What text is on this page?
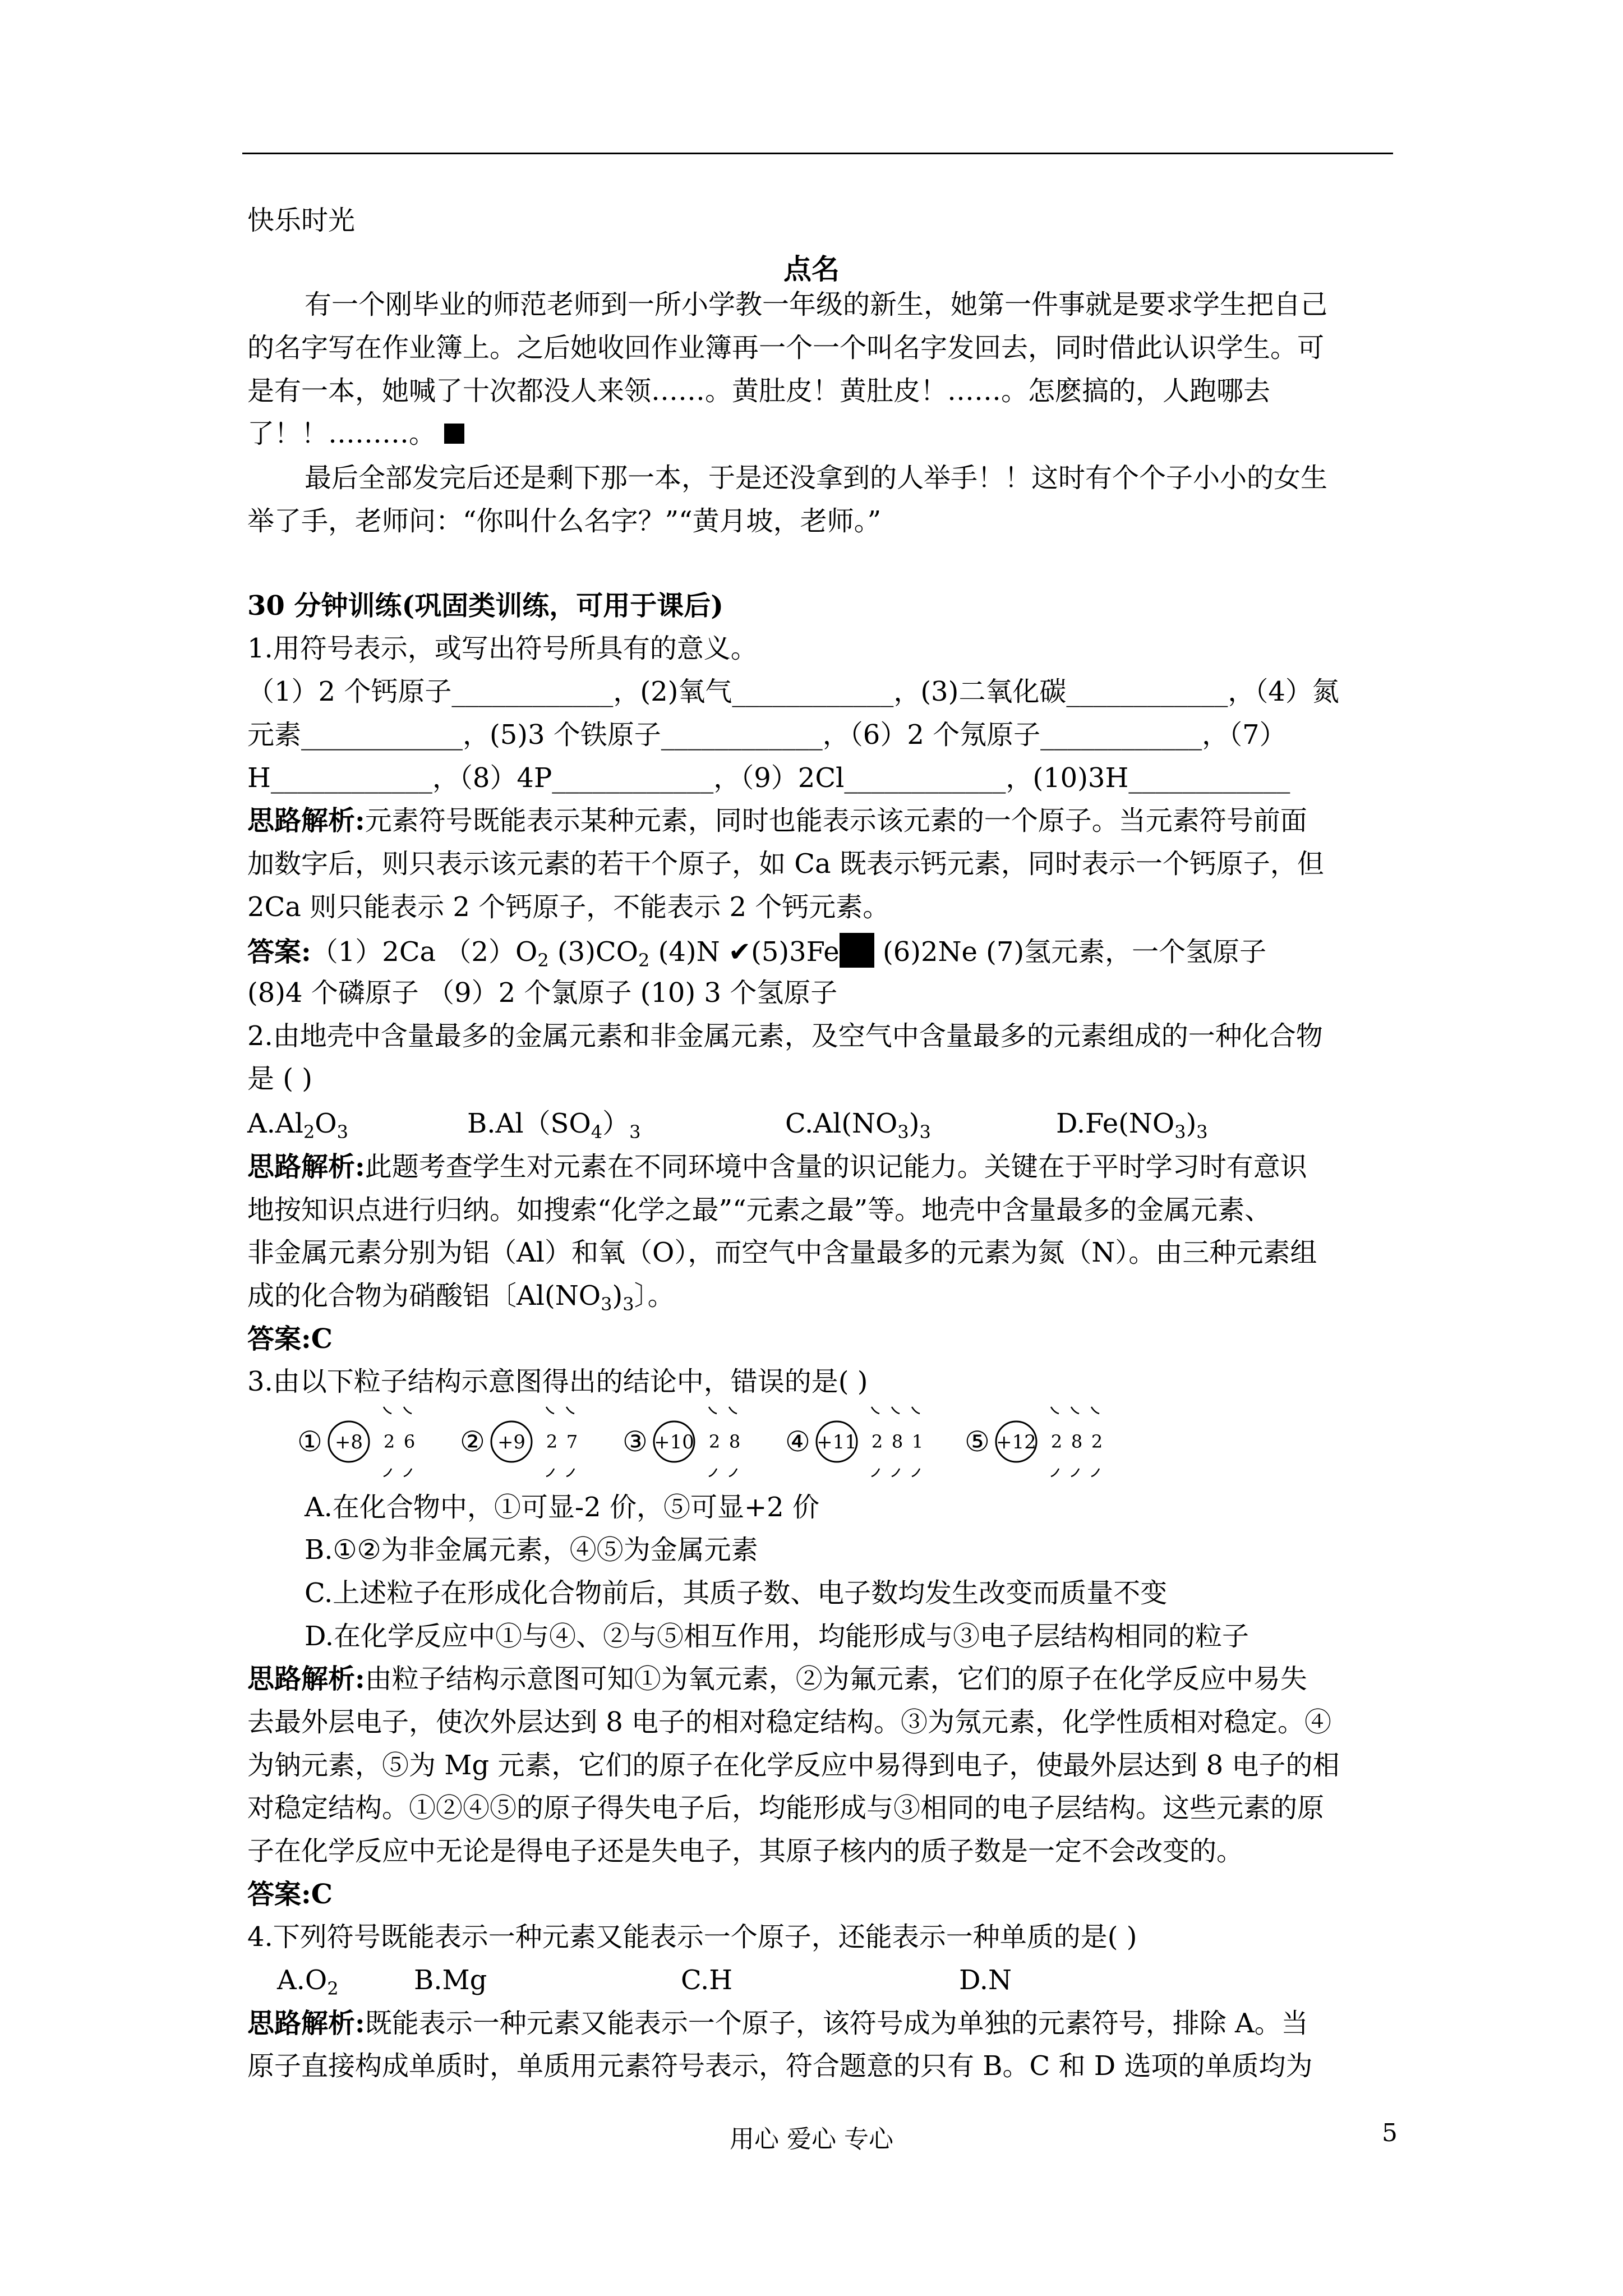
快乐时光
点名
有一个刚毕业的师范老师到一所小学教一年级的新生，她第一件事就是要求学生把自己
的名字写在作业簿上。之后她收回作业簿再一个一个叫名字发回去，同时借此认识学生。可
是有一本，她喊了十次都没人来领……。黄肚皮！黄肚皮！……。怎麽搞的，人跑哪去
了！！………。
最后全部发完后还是剩下那一本，于是还没拿到的人举手！！这时有个个子小小的女生
举了手，老师问：“你叫什么名字？”“黄月坡，老师。”
30 分钟训练(巩固类训练，可用于课后)
1.用符号表示，或写出符号所具有的意义。
（1）2 个钙原子____________，(2)氧气____________，(3)二氧化碳____________，（4）氮
元素____________，(5)3 个铁原子____________，（6）2 个氖原子____________，（7）
H____________，（8）4P____________，（9）2Cl____________，(10)3H____________
思路解析:元素符号既能表示某种元素，同时也能表示该元素的一个原子。当元素符号前面
加数字后，则只表示该元素的若干个原子，如 Ca 既表示钙元素，同时表示一个钙原子，但
2Ca 则只能表示 2 个钙原子，不能表示 2 个钙元素。
答案:（1）2Ca $(2)O_2$ $(3)CO_2$ (4)N ✔(5)3Fe (6)2Ne (7)氢元素，一个氢原子
(8)4 个磷原子 （9）2 个氯原子 (10) 3 个氢原子
2.由地壳中含量最多的金属元素和非金属元素，及空气中含量最多的元素组成的一种化合物
是 ( )
$A.Al_2O_3$	$B.Al(SO_4)_3$	$C.Al(NO_3)_3$	$D.Fe(NO_3)_3$
思路解析:此题考查学生对元素在不同环境中含量的识记能力。关键在于平时学习时有意识
地按知识点进行归纳。如搜索“化学之最”“元素之最”等。地壳中含量最多的金属元素、
非金属元素分别为铝（Al）和氧（O），而空气中含量最多的元素为氮（N）。由三种元素组
成的化合物为硝酸铝〔$Al(NO_3)_3$〕。
答案:C
3.由以下粒子结构示意图得出的结论中，错误的是( )
① +8 2 6 ② +9 2 7 ③ +10 2 8 ④ +11 2 8 1 ⑤ +12 2 8 2
A.在化合物中，①可显-2 价，⑤可显+2 价
B.①②为非金属元素，④⑤为金属元素
C.上述粒子在形成化合物前后，其质子数、电子数均发生改变而质量不变
D.在化学反应中①与④、②与⑤相互作用，均能形成与③电子层结构相同的粒子
思路解析:由粒子结构示意图可知①为氧元素，②为氟元素，它们的原子在化学反应中易失
去最外层电子，使次外层达到 8 电子的相对稳定结构。③为氖元素，化学性质相对稳定。④
为钠元素，⑤为 Mg 元素，它们的原子在化学反应中易得到电子，使最外层达到 8 电子的相
对稳定结构。①②④⑤的原子得失电子后，均能形成与③相同的电子层结构。这些元素的原
子在化学反应中无论是得电子还是失电子，其原子核内的质子数是一定不会改变的。
答案:C
4.下列符号既能表示一种元素又能表示一个原子，还能表示一种单质的是( )
$A.O_2$	B.Mg	C.H	D.N
思路解析:既能表示一种元素又能表示一个原子，该符号成为单独的元素符号，排除 A。当
原子直接构成单质时，单质用元素符号表示，符合题意的只有 B。C 和 D 选项的单质均为
用心 爱心 专心	5
